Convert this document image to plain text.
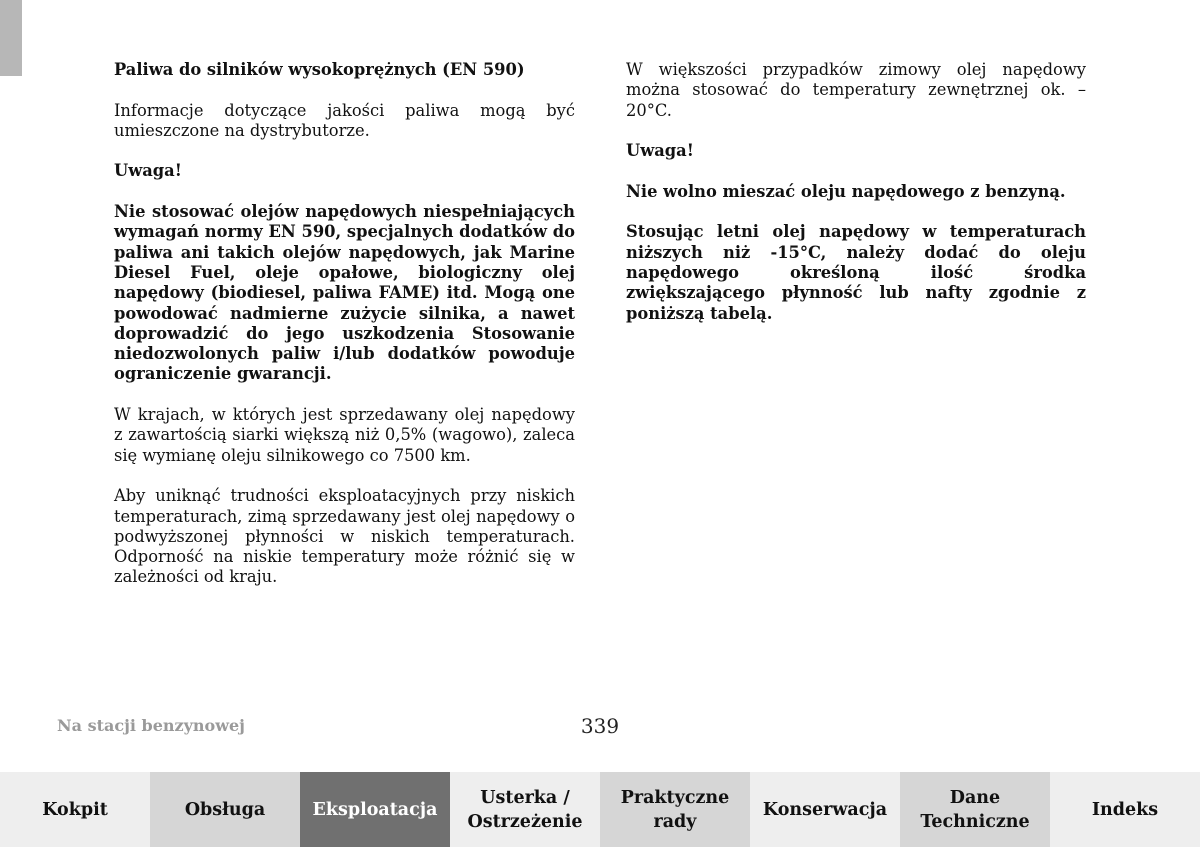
Paliwa do silników wysokoprężnych (EN 590)

Informacje dotyczące jakości paliwa mogą być umieszczone na dystrybutorze.

Uwaga!

Nie stosować olejów napędowych niespełniających wymagań normy EN 590, specjalnych dodatków do paliwa ani takich olejów napędowych, jak Marine Diesel Fuel, oleje opałowe, biologiczny olej napędowy (biodiesel, paliwa FAME) itd. Mogą one powodować nadmierne zużycie silnika, a nawet doprowadzić do jego uszkodzenia Stosowanie niedozwolonych paliw i/lub dodatków powoduje ograniczenie gwarancji.

W krajach, w których jest sprzedawany olej napędowy z zawartością siarki większą niż 0,5% (wagowo), zaleca się wymianę oleju silnikowego co 7500 km.

Aby uniknąć trudności eksploatacyjnych przy niskich temperaturach, zimą sprzedawany jest olej napędowy o podwyższonej płynności w niskich temperaturach. Odporność na niskie temperatury może różnić się w zależności od kraju.

W większości przypadków zimowy olej napędowy można stosować do temperatury zewnętrznej ok. – 20°C.

Uwaga!

Nie wolno mieszać oleju napędowego z benzyną.

Stosując letni olej napędowy w temperaturach niższych niż -15°C, należy dodać do oleju napędowego określoną ilość środka zwiększającego płynność lub nafty zgodnie z poniższą tabelą.

Na stacji benzynowej	339
Kokpit	Obsługa	Eksploatacja
Usterka /
Ostrzeżenie
Praktyczne
rady
Konserwacja
Dane
Techniczne
Indeks
